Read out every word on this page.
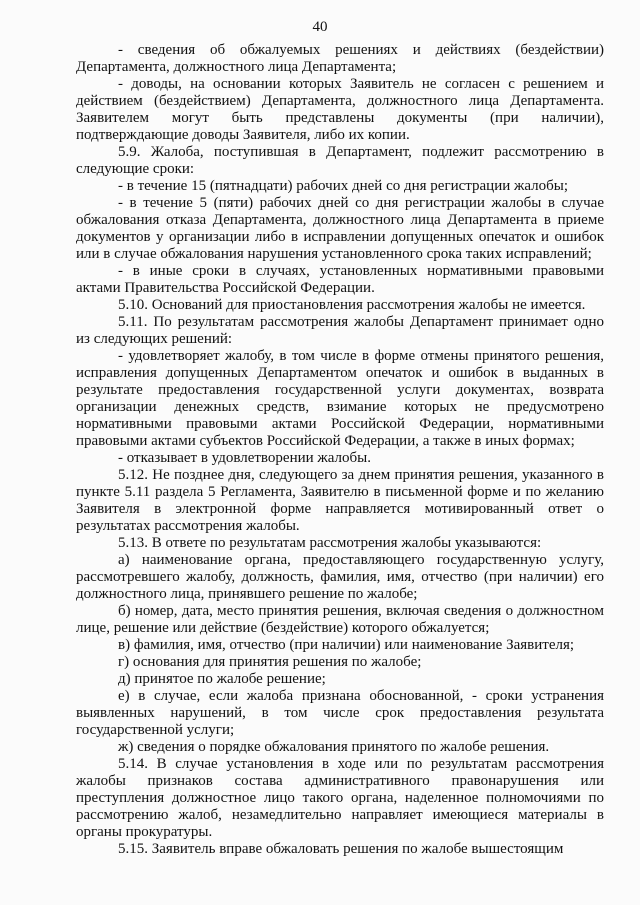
40

- сведения об обжалуемых решениях и действиях (бездействии) Департамента, должностного лица Департамента;

- доводы, на основании которых Заявитель не согласен с решением и действием (бездействием) Департамента, должностного лица Департамента. Заявителем могут быть представлены документы (при наличии), подтверждающие доводы Заявителя, либо их копии.

5.9. Жалоба, поступившая в Департамент, подлежит рассмотрению в следующие сроки:

- в течение 15 (пятнадцати) рабочих дней со дня регистрации жалобы;

- в течение 5 (пяти) рабочих дней со дня регистрации жалобы в случае обжалования отказа Департамента, должностного лица Департамента в приеме документов у организации либо в исправлении допущенных опечаток и ошибок или в случае обжалования нарушения установленного срока таких исправлений;

- в иные сроки в случаях, установленных нормативными правовыми актами Правительства Российской Федерации.

5.10. Оснований для приостановления рассмотрения жалобы не имеется.

5.11. По результатам рассмотрения жалобы Департамент принимает одно из следующих решений:

- удовлетворяет жалобу, в том числе в форме отмены принятого решения, исправления допущенных Департаментом опечаток и ошибок в выданных в результате предоставления государственной услуги документах, возврата организации денежных средств, взимание которых не предусмотрено нормативными правовыми актами Российской Федерации, нормативными правовыми актами субъектов Российской Федерации, а также в иных формах;

- отказывает в удовлетворении жалобы.

5.12. Не позднее дня, следующего за днем принятия решения, указанного в пункте 5.11 раздела 5 Регламента, Заявителю в письменной форме и по желанию Заявителя в электронной форме направляется мотивированный ответ о результатах рассмотрения жалобы.

5.13. В ответе по результатам рассмотрения жалобы указываются:

а) наименование органа, предоставляющего государственную услугу, рассмотревшего жалобу, должность, фамилия, имя, отчество (при наличии) его должностного лица, принявшего решение по жалобе;

б) номер, дата, место принятия решения, включая сведения о должностном лице, решение или действие (бездействие) которого обжалуется;

в) фамилия, имя, отчество (при наличии) или наименование Заявителя;

г) основания для принятия решения по жалобе;

д) принятое по жалобе решение;

е) в случае, если жалоба признана обоснованной, - сроки устранения выявленных нарушений, в том числе срок предоставления результата государственной услуги;

ж) сведения о порядке обжалования принятого по жалобе решения.

5.14. В случае установления в ходе или по результатам рассмотрения жалобы признаков состава административного правонарушения или преступления должностное лицо такого органа, наделенное полномочиями по рассмотрению жалоб, незамедлительно направляет имеющиеся материалы в органы прокуратуры.

5.15. Заявитель вправе обжаловать решения по жалобе вышестоящим
